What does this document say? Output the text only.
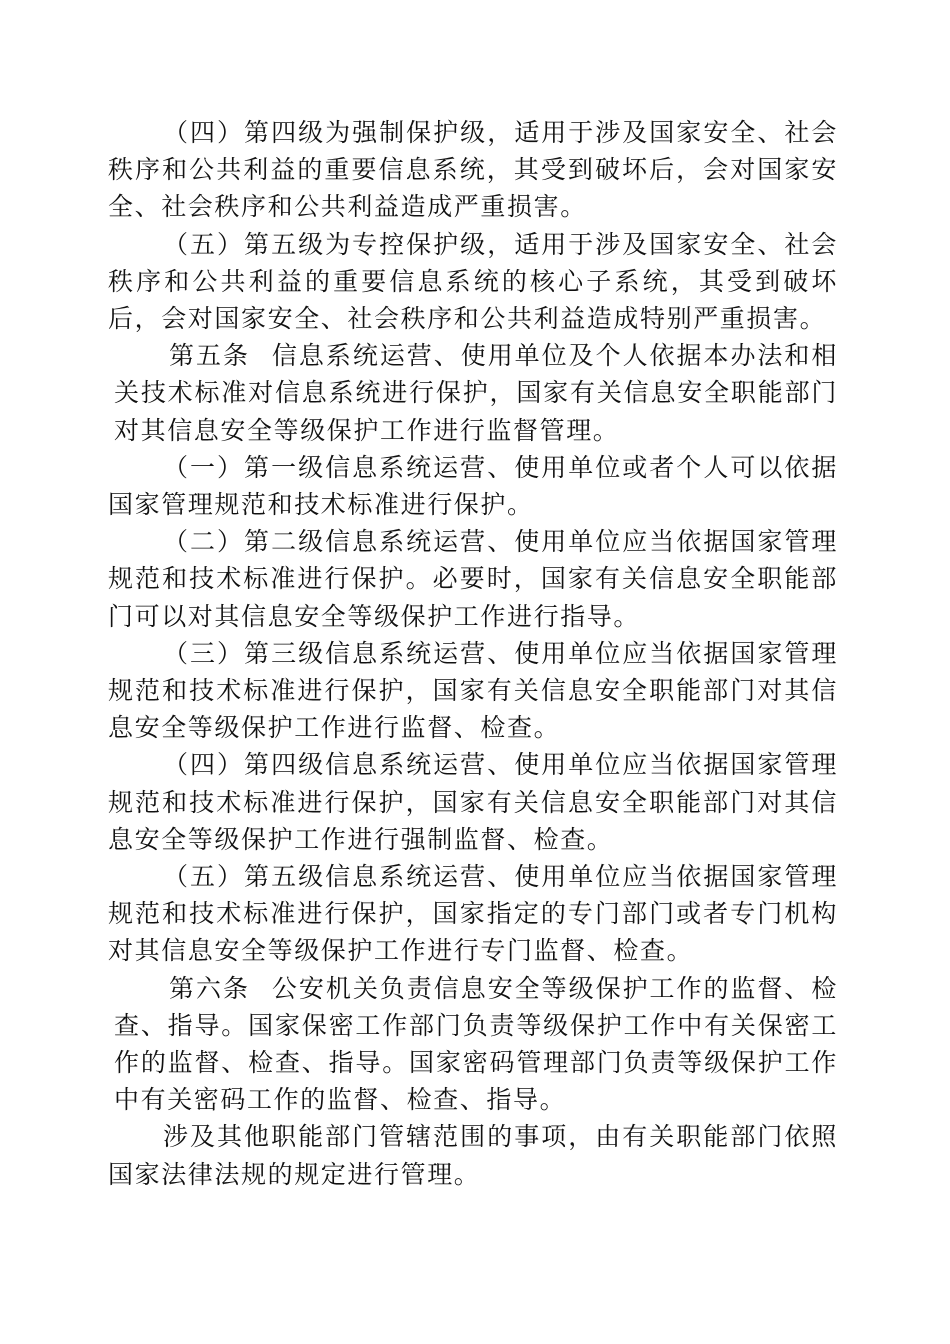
（四）第四级为强制保护级，适用于涉及国家安全、社会秩序和公共利益的重要信息系统，其受到破坏后，会对国家安全、社会秩序和公共利益造成严重损害。

（五）第五级为专控保护级，适用于涉及国家安全、社会秩序和公共利益的重要信息系统的核心子系统，其受到破坏后，会对国家安全、社会秩序和公共利益造成特别严重损害。

第五条 信息系统运营、使用单位及个人依据本办法和相关技术标准对信息系统进行保护，国家有关信息安全职能部门对其信息安全等级保护工作进行监督管理。

（一）第一级信息系统运营、使用单位或者个人可以依据国家管理规范和技术标准进行保护。

（二）第二级信息系统运营、使用单位应当依据国家管理规范和技术标准进行保护。必要时，国家有关信息安全职能部门可以对其信息安全等级保护工作进行指导。

（三）第三级信息系统运营、使用单位应当依据国家管理规范和技术标准进行保护，国家有关信息安全职能部门对其信息安全等级保护工作进行监督、检查。

（四）第四级信息系统运营、使用单位应当依据国家管理规范和技术标准进行保护，国家有关信息安全职能部门对其信息安全等级保护工作进行强制监督、检查。

（五）第五级信息系统运营、使用单位应当依据国家管理规范和技术标准进行保护，国家指定的专门部门或者专门机构对其信息安全等级保护工作进行专门监督、检查。

第六条 公安机关负责信息安全等级保护工作的监督、检查、指导。国家保密工作部门负责等级保护工作中有关保密工作的监督、检查、指导。国家密码管理部门负责等级保护工作中有关密码工作的监督、检查、指导。

涉及其他职能部门管辖范围的事项，由有关职能部门依照国家法律法规的规定进行管理。
